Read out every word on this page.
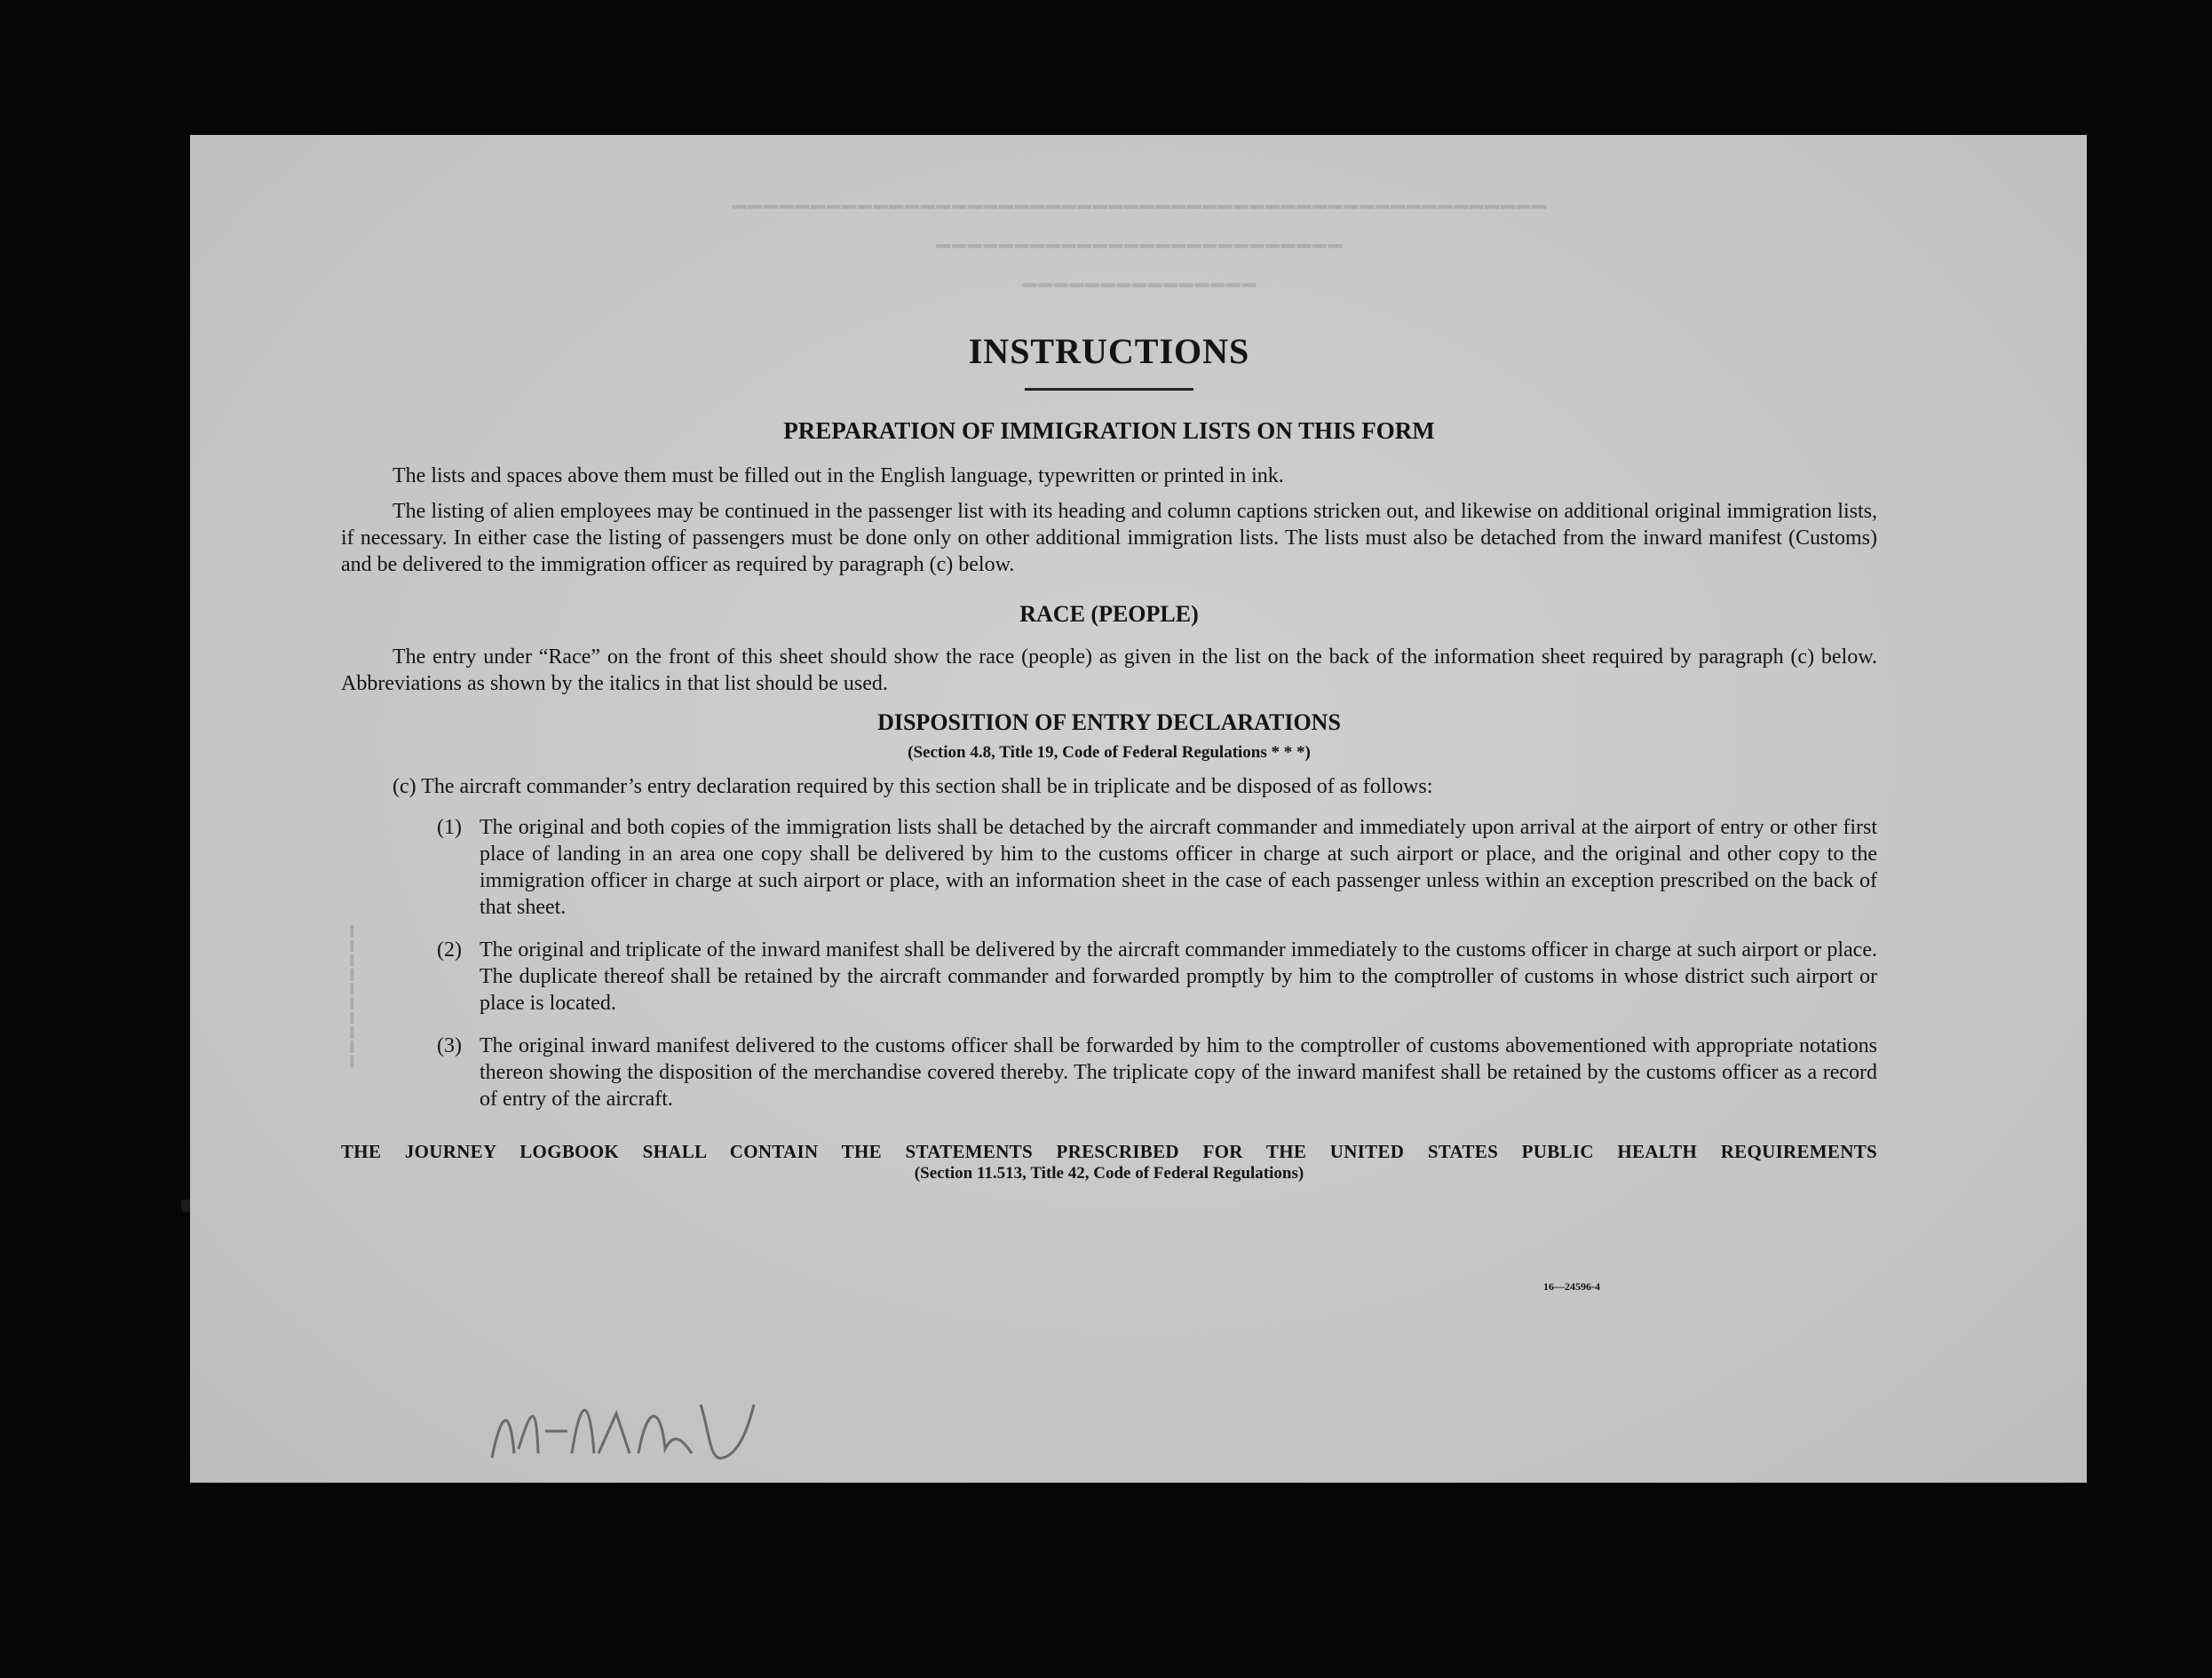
━━━━━━━━━━━━━━━━━━━━━━━━━━━━━━━━━━━━━━━━━━━━━━━━━━━━
━━━━━━━━━━━━━━━━━━━━━━━━━━
━━━━━━━━━━━━━━━
━━━━━━━━━━
INSTRUCTIONS
PREPARATION OF IMMIGRATION LISTS ON THIS FORM

The lists and spaces above them must be filled out in the English language, typewritten or printed in ink.

The listing of alien employees may be continued in the passenger list with its heading and column captions stricken out, and likewise on additional original immigration lists, if necessary. In either case the listing of passengers must be done only on other additional immigration lists. The lists must also be detached from the inward manifest (Customs) and be delivered to the immigration officer as required by paragraph (c) below.

RACE (PEOPLE)

The entry under “Race” on the front of this sheet should show the race (people) as given in the list on the back of the information sheet required by paragraph (c) below. Abbreviations as shown by the italics in that list should be used.

DISPOSITION OF ENTRY DECLARATIONS
(Section 4.8, Title 19, Code of Federal Regulations * * *)
(c) The aircraft commander’s entry declaration required by this section shall be in triplicate and be disposed of as follows:
(1) The original and both copies of the immigration lists shall be detached by the aircraft commander and immediately upon arrival at the airport of entry or other first place of landing in an area one copy shall be delivered by him to the customs officer in charge at such airport or place, and the original and other copy to the immigration officer in charge at such airport or place, with an information sheet in the case of each passenger unless within an exception prescribed on the back of that sheet.
(2) The original and triplicate of the inward manifest shall be delivered by the aircraft commander immediately to the customs officer in charge at such airport or place. The duplicate thereof shall be retained by the aircraft commander and forwarded promptly by him to the comptroller of customs in whose district such airport or place is located.
(3) The original inward manifest delivered to the customs officer shall be forwarded by him to the comptroller of customs abovementioned with appropriate notations thereon showing the disposition of the merchandise covered thereby. The triplicate copy of the inward manifest shall be retained by the customs officer as a record of entry of the aircraft.
THE JOURNEY LOGBOOK SHALL CONTAIN THE STATEMENTS PRESCRIBED FOR THE UNITED STATES PUBLIC HEALTH REQUIREMENTS
(Section 11.513, Title 42, Code of Federal Regulations)
16—24596-4
